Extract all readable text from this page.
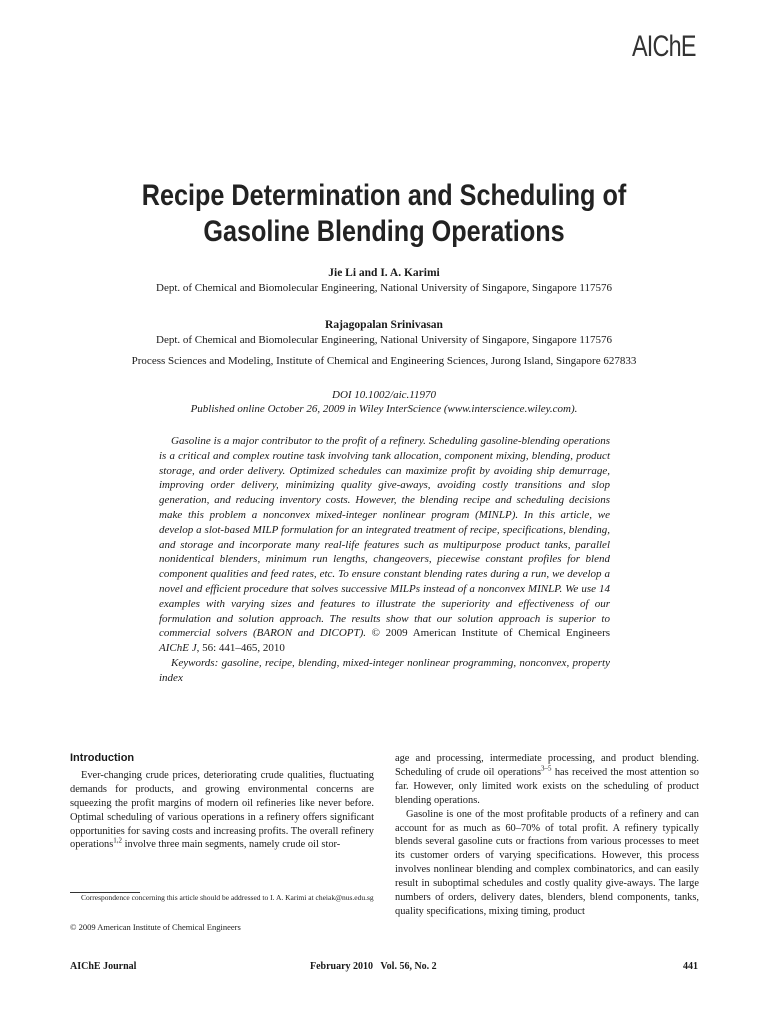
AIChE
Recipe Determination and Scheduling of
Gasoline Blending Operations
Jie Li and I. A. Karimi
Dept. of Chemical and Biomolecular Engineering, National University of Singapore, Singapore 117576
Rajagopalan Srinivasan
Dept. of Chemical and Biomolecular Engineering, National University of Singapore, Singapore 117576
Process Sciences and Modeling, Institute of Chemical and Engineering Sciences, Jurong Island, Singapore 627833
DOI 10.1002/aic.11970
Published online October 26, 2009 in Wiley InterScience (www.interscience.wiley.com).

Gasoline is a major contributor to the profit of a refinery. Scheduling gasoline-blending operations is a critical and complex routine task involving tank allocation, component mixing, blending, product storage, and order delivery. Optimized schedules can maximize profit by avoiding ship demurrage, improving order delivery, minimizing quality give-aways, avoiding costly transitions and slop generation, and reducing inventory costs. However, the blending recipe and scheduling decisions make this problem a nonconvex mixed-integer nonlinear program (MINLP). In this article, we develop a slot-based MILP formulation for an integrated treatment of recipe, specifications, blending, and storage and incorporate many real-life features such as multipurpose product tanks, parallel nonidentical blenders, minimum run lengths, changeovers, piecewise constant profiles for blend component qualities and feed rates, etc. To ensure constant blending rates during a run, we develop a novel and efficient procedure that solves successive MILPs instead of a nonconvex MINLP. We use 14 examples with varying sizes and features to illustrate the superiority and effectiveness of our formulation and solution approach. The results show that our solution approach is superior to commercial solvers (BARON and DICOPT). © 2009 American Institute of Chemical Engineers AIChE J, 56: 441–465, 2010

Keywords: gasoline, recipe, blending, mixed-integer nonlinear programming, nonconvex, property index

Introduction

Ever-changing crude prices, deteriorating crude qualities, fluctuating demands for products, and growing environmental concerns are squeezing the profit margins of modern oil refineries like never before. Optimal scheduling of various operations in a refinery offers significant opportunities for saving costs and increasing profits. The overall refinery operations$^{1,2}$ involve three main segments, namely crude oil stor-

Correspondence concerning this article should be addressed to I. A. Karimi at cheiak@nus.edu.sg
© 2009 American Institute of Chemical Engineers

age and processing, intermediate processing, and product blending. Scheduling of crude oil operations$^{3-5}$ has received the most attention so far. However, only limited work exists on the scheduling of product blending operations.

Gasoline is one of the most profitable products of a refinery and can account for as much as 60–70% of total profit. A refinery typically blends several gasoline cuts or fractions from various processes to meet its customer orders of varying specifications. However, this process involves nonlinear blending and complex combinatorics, and can easily result in suboptimal schedules and costly quality give-aways. The large numbers of orders, delivery dates, blenders, blend components, tanks, quality specifications, mixing timing, product

AIChE Journal	February 2010   Vol. 56, No. 2	441
